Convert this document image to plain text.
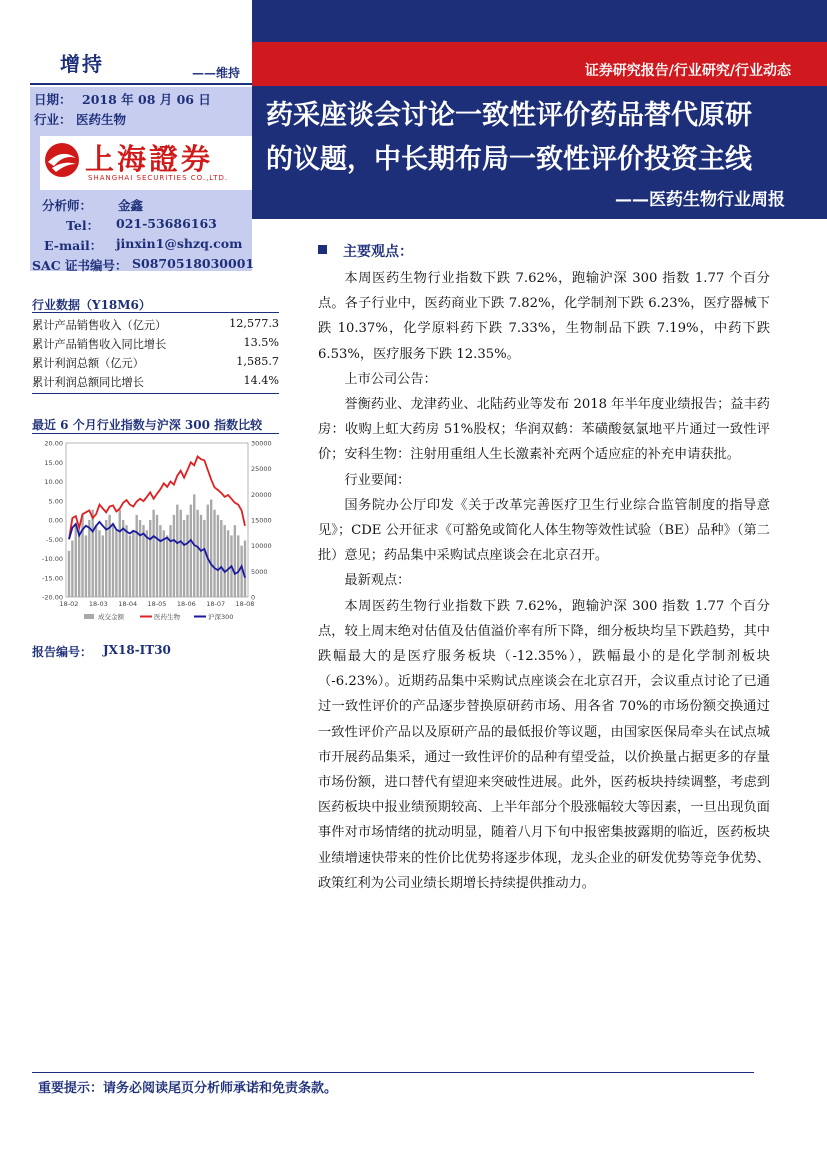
增持	——维持
日期： 2018 年 08 月 06 日
行业： 医药生物
上海證券
SHANGHAI SECURITIES CO.,LTD.
分析师： 金鑫
Tel： 021-53686163
E-mail： jinxin1@shzq.com
SAC 证书编号： S0870518030001
证券研究报告/行业研究/行业动态
药采座谈会讨论一致性评价药品替代原研
的议题，中长期布局一致性评价投资主线
——医药生物行业周报
行业数据（Y18M6）
累计产品销售收入（亿元）	12,577.3
累计产品销售收入同比增长	13.5%
累计利润总额（亿元）	1,585.7
累计利润总额同比增长	14.4%
最近 6 个月行业指数与沪深 300 指数比较
20.00
15.00
10.00
5.00
0.00
-5.00
-10.00
-15.00
-20.00
30000
25000
20000
15000
10000
5000
0
18-02 18-03 18-04 18-05 18-06 18-07 18-08
成交金额	医药生物	沪深300
报告编号： JX18-IT30
主要观点：

本周医药生物行业指数下跌 7.62%，跑输沪深 300 指数 1.77 个百分点。各子行业中，医药商业下跌 7.82%，化学制剂下跌 6.23%，医疗器械下跌 10.37%，化学原料药下跌 7.33%，生物制品下跌 7.19%，中药下跌 6.53%，医疗服务下跌 12.35%。

上市公司公告：

誉衡药业、龙津药业、北陆药业等发布 2018 年半年度业绩报告；益丰药房：收购上虹大药房 51%股权；华润双鹤：苯磺酸氨氯地平片通过一致性评价；安科生物：注射用重组人生长激素补充两个适应症的补充申请获批。

行业要闻：

国务院办公厅印发《关于改革完善医疗卫生行业综合监管制度的指导意见》；CDE 公开征求《可豁免或简化人体生物等效性试验（BE）品种》（第二批）意见；药品集中采购试点座谈会在北京召开。

最新观点：

本周医药生物行业指数下跌 7.62%，跑输沪深 300 指数 1.77 个百分点，较上周末绝对估值及估值溢价率有所下降，细分板块均呈下跌趋势，其中跌幅最大的是医疗服务板块（-12.35%），跌幅最小的是化学制剂板块（-6.23%）。近期药品集中采购试点座谈会在北京召开，会议重点讨论了已通过一致性评价的产品逐步替换原研药市场、用各省 70%的市场份额交换通过一致性评价产品以及原研产品的最低报价等议题，由国家医保局牵头在试点城市开展药品集采，通过一致性评价的品种有望受益，以价换量占据更多的存量市场份额，进口替代有望迎来突破性进展。此外，医药板块持续调整，考虑到医药板块中报业绩预期较高、上半年部分个股涨幅较大等因素，一旦出现负面事件对市场情绪的扰动明显，随着八月下旬中报密集披露期的临近，医药板块业绩增速快带来的性价比优势将逐步体现，龙头企业的研发优势等竞争优势、政策红利为公司业绩长期增长持续提供推动力。

重要提示：请务必阅读尾页分析师承诺和免责条款。
